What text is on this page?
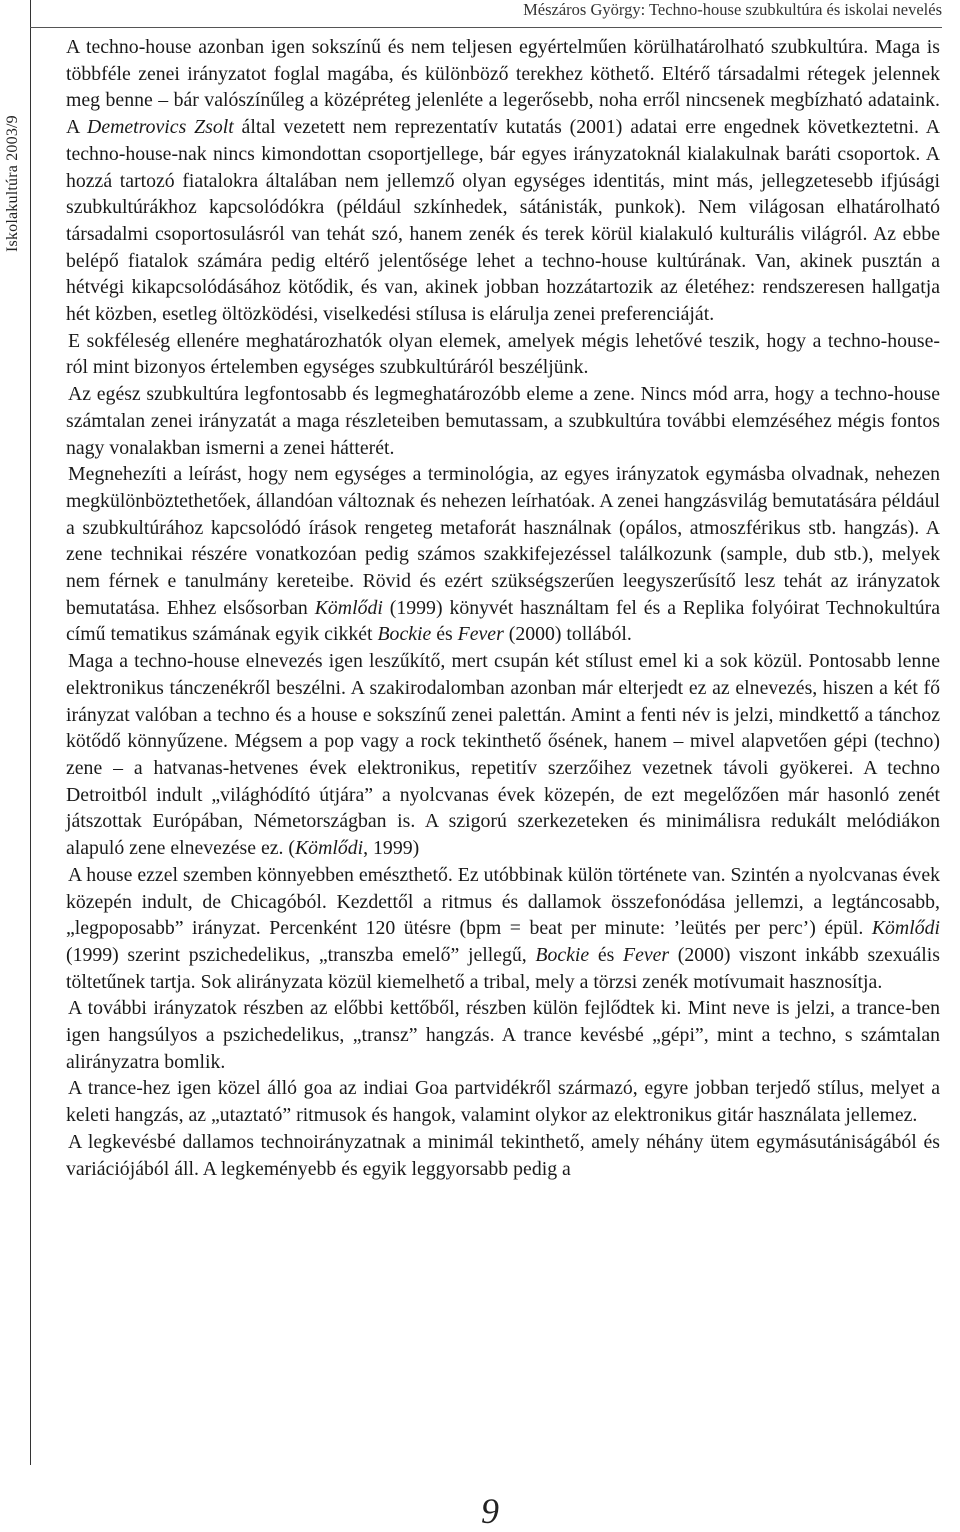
Iskolakultúra 2003/9
Mészáros György: Techno-house szubkultúra és iskolai nevelés

A techno-house azonban igen sokszínű és nem teljesen egyértelműen körülhatárolható szubkultúra. Maga is többféle zenei irányzatot foglal magába, és különböző terekhez köthető. Eltérő társadalmi rétegek jelennek meg benne – bár valószínűleg a középréteg jelenléte a legerősebb, noha erről nincsenek megbízható adataink. A Demetrovics Zsolt által vezetett nem reprezentatív kutatás (2001) adatai erre engednek következtetni. A techno-house-nak nincs kimondottan csoportjellege, bár egyes irányzatoknál kialakulnak baráti csoportok. A hozzá tartozó fiatalokra általában nem jellemző olyan egységes identitás, mint más, jellegzetesebb ifjúsági szubkultúrákhoz kapcsolódókra (például szkínhedek, sátánisták, punkok). Nem világosan elhatárolható társadalmi csoportosulásról van tehát szó, hanem zenék és terek körül kialakuló kulturális világról. Az ebbe belépő fiatalok számára pedig eltérő jelentősége lehet a techno-house kultúrának. Van, akinek pusztán a hétvégi kikapcsolódásához kötődik, és van, akinek jobban hozzátartozik az életéhez: rendszeresen hallgatja hét közben, esetleg öltözködési, viselkedési stílusa is elárulja zenei preferenciáját.

E sokféleség ellenére meghatározhatók olyan elemek, amelyek mégis lehetővé teszik, hogy a techno-house-ról mint bizonyos értelemben egységes szubkultúráról beszéljünk.

Az egész szubkultúra legfontosabb és legmeghatározóbb eleme a zene. Nincs mód arra, hogy a techno-house számtalan zenei irányzatát a maga részleteiben bemutassam, a szubkultúra további elemzéséhez mégis fontos nagy vonalakban ismerni a zenei hátterét.

Megnehezíti a leírást, hogy nem egységes a terminológia, az egyes irányzatok egymásba olvadnak, nehezen megkülönböztethetőek, állandóan változnak és nehezen leírhatóak. A zenei hangzásvilág bemutatására például a szubkultúrához kapcsolódó írások rengeteg metaforát használnak (opálos, atmoszférikus stb. hangzás). A zene technikai részére vonatkozóan pedig számos szakkifejezéssel találkozunk (sample, dub stb.), melyek nem férnek e tanulmány kereteibe. Rövid és ezért szükségszerűen leegyszerűsítő lesz tehát az irányzatok bemutatása. Ehhez elsősorban Kömlődi (1999) könyvét használtam fel és a Replika folyóirat Technokultúra című tematikus számának egyik cikkét Bockie és Fever (2000) tollából.

Maga a techno-house elnevezés igen leszűkítő, mert csupán két stílust emel ki a sok közül. Pontosabb lenne elektronikus tánczenékről beszélni. A szakirodalomban azonban már elterjedt ez az elnevezés, hiszen a két fő irányzat valóban a techno és a house e sokszínű zenei palettán. Amint a fenti név is jelzi, mindkettő a tánchoz kötődő könnyűzene. Mégsem a pop vagy a rock tekinthető ősének, hanem – mivel alapvetően gépi (techno) zene – a hatvanas-hetvenes évek elektronikus, repetitív szerzőihez vezetnek távoli gyökerei. A techno Detroitból indult „világhódító útjára” a nyolcvanas évek közepén, de ezt megelőzően már hasonló zenét játszottak Európában, Németországban is. A szigorú szerkezeteken és minimálisra redukált melódiákon alapuló zene elnevezése ez. (Kömlődi, 1999)

A house ezzel szemben könnyebben emészthető. Ez utóbbinak külön története van. Szintén a nyolcvanas évek közepén indult, de Chicagóból. Kezdettől a ritmus és dallamok összefonódása jellemzi, a legtáncosabb, „legpoposabb” irányzat. Percenként 120 ütésre (bpm = beat per minute: ’leütés per perc’) épül. Kömlődi (1999) szerint pszichedelikus, „transzba emelő” jellegű, Bockie és Fever (2000) viszont inkább szexuális töltetűnek tartja. Sok alirányzata közül kiemelhető a tribal, mely a törzsi zenék motívumait hasznosítja.

A további irányzatok részben az előbbi kettőből, részben külön fejlődtek ki. Mint neve is jelzi, a trance-ben igen hangsúlyos a pszichedelikus, „transz” hangzás. A trance kevésbé „gépi”, mint a techno, s számtalan alirányzatra bomlik.

A trance-hez igen közel álló goa az indiai Goa partvidékről származó, egyre jobban terjedő stílus, melyet a keleti hangzás, az „utaztató” ritmusok és hangok, valamint olykor az elektronikus gitár használata jellemez.

A legkevésbé dallamos technoirányzatnak a minimál tekinthető, amely néhány ütem egymásutániságából és variációjából áll. A legkeményebb és egyik leggyorsabb pedig a

9
